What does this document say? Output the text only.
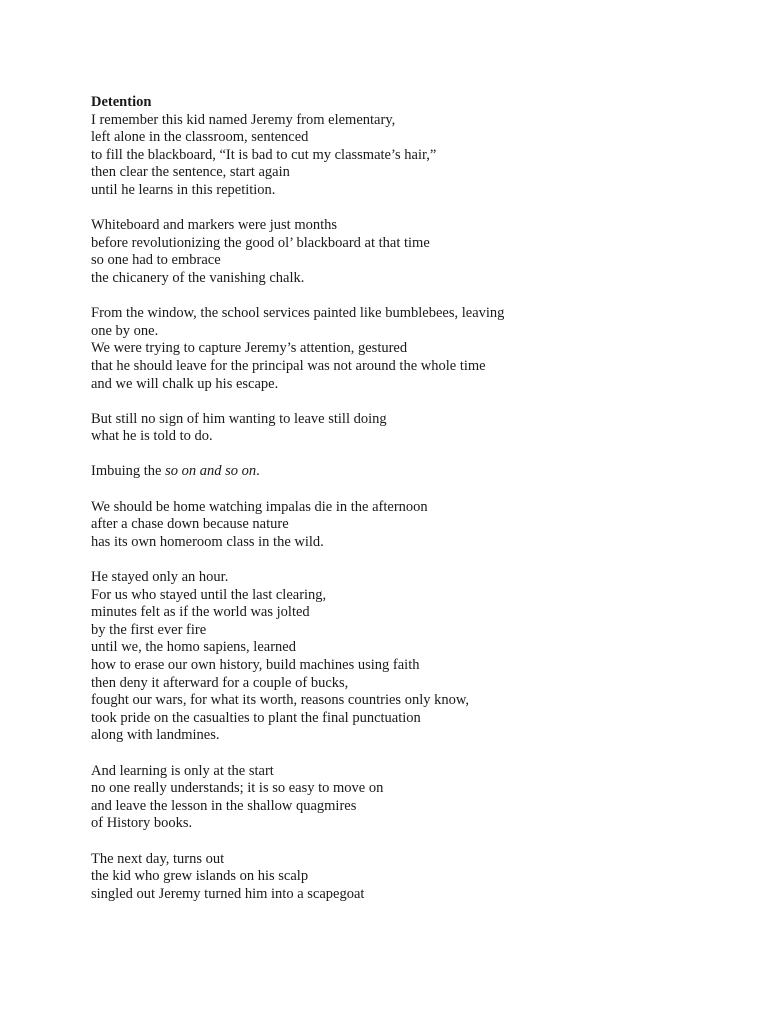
Detention
I remember this kid named Jeremy from elementary,
left alone in the classroom, sentenced
to fill the blackboard, “It is bad to cut my classmate’s hair,”
then clear the sentence, start again
until he learns in this repetition.
Whiteboard and markers were just months
before revolutionizing the good ol’ blackboard at that time
so one had to embrace
the chicanery of the vanishing chalk.
From the window, the school services painted like bumblebees, leaving
one by one.
We were trying to capture Jeremy’s attention, gestured
that he should leave for the principal was not around the whole time
and we will chalk up his escape.
But still no sign of him wanting to leave still doing
what he is told to do.
Imbuing the so on and so on.
We should be home watching impalas die in the afternoon
after a chase down because nature
has its own homeroom class in the wild.
He stayed only an hour.
For us who stayed until the last clearing,
minutes felt as if the world was jolted
by the first ever fire
until we, the homo sapiens, learned
how to erase our own history, build machines using faith
then deny it afterward for a couple of bucks,
fought our wars, for what its worth, reasons countries only know,
took pride on the casualties to plant the final punctuation
along with landmines.
And learning is only at the start
no one really understands; it is so easy to move on
and leave the lesson in the shallow quagmires
of History books.
The next day, turns out
the kid who grew islands on his scalp
singled out Jeremy turned him into a scapegoat
